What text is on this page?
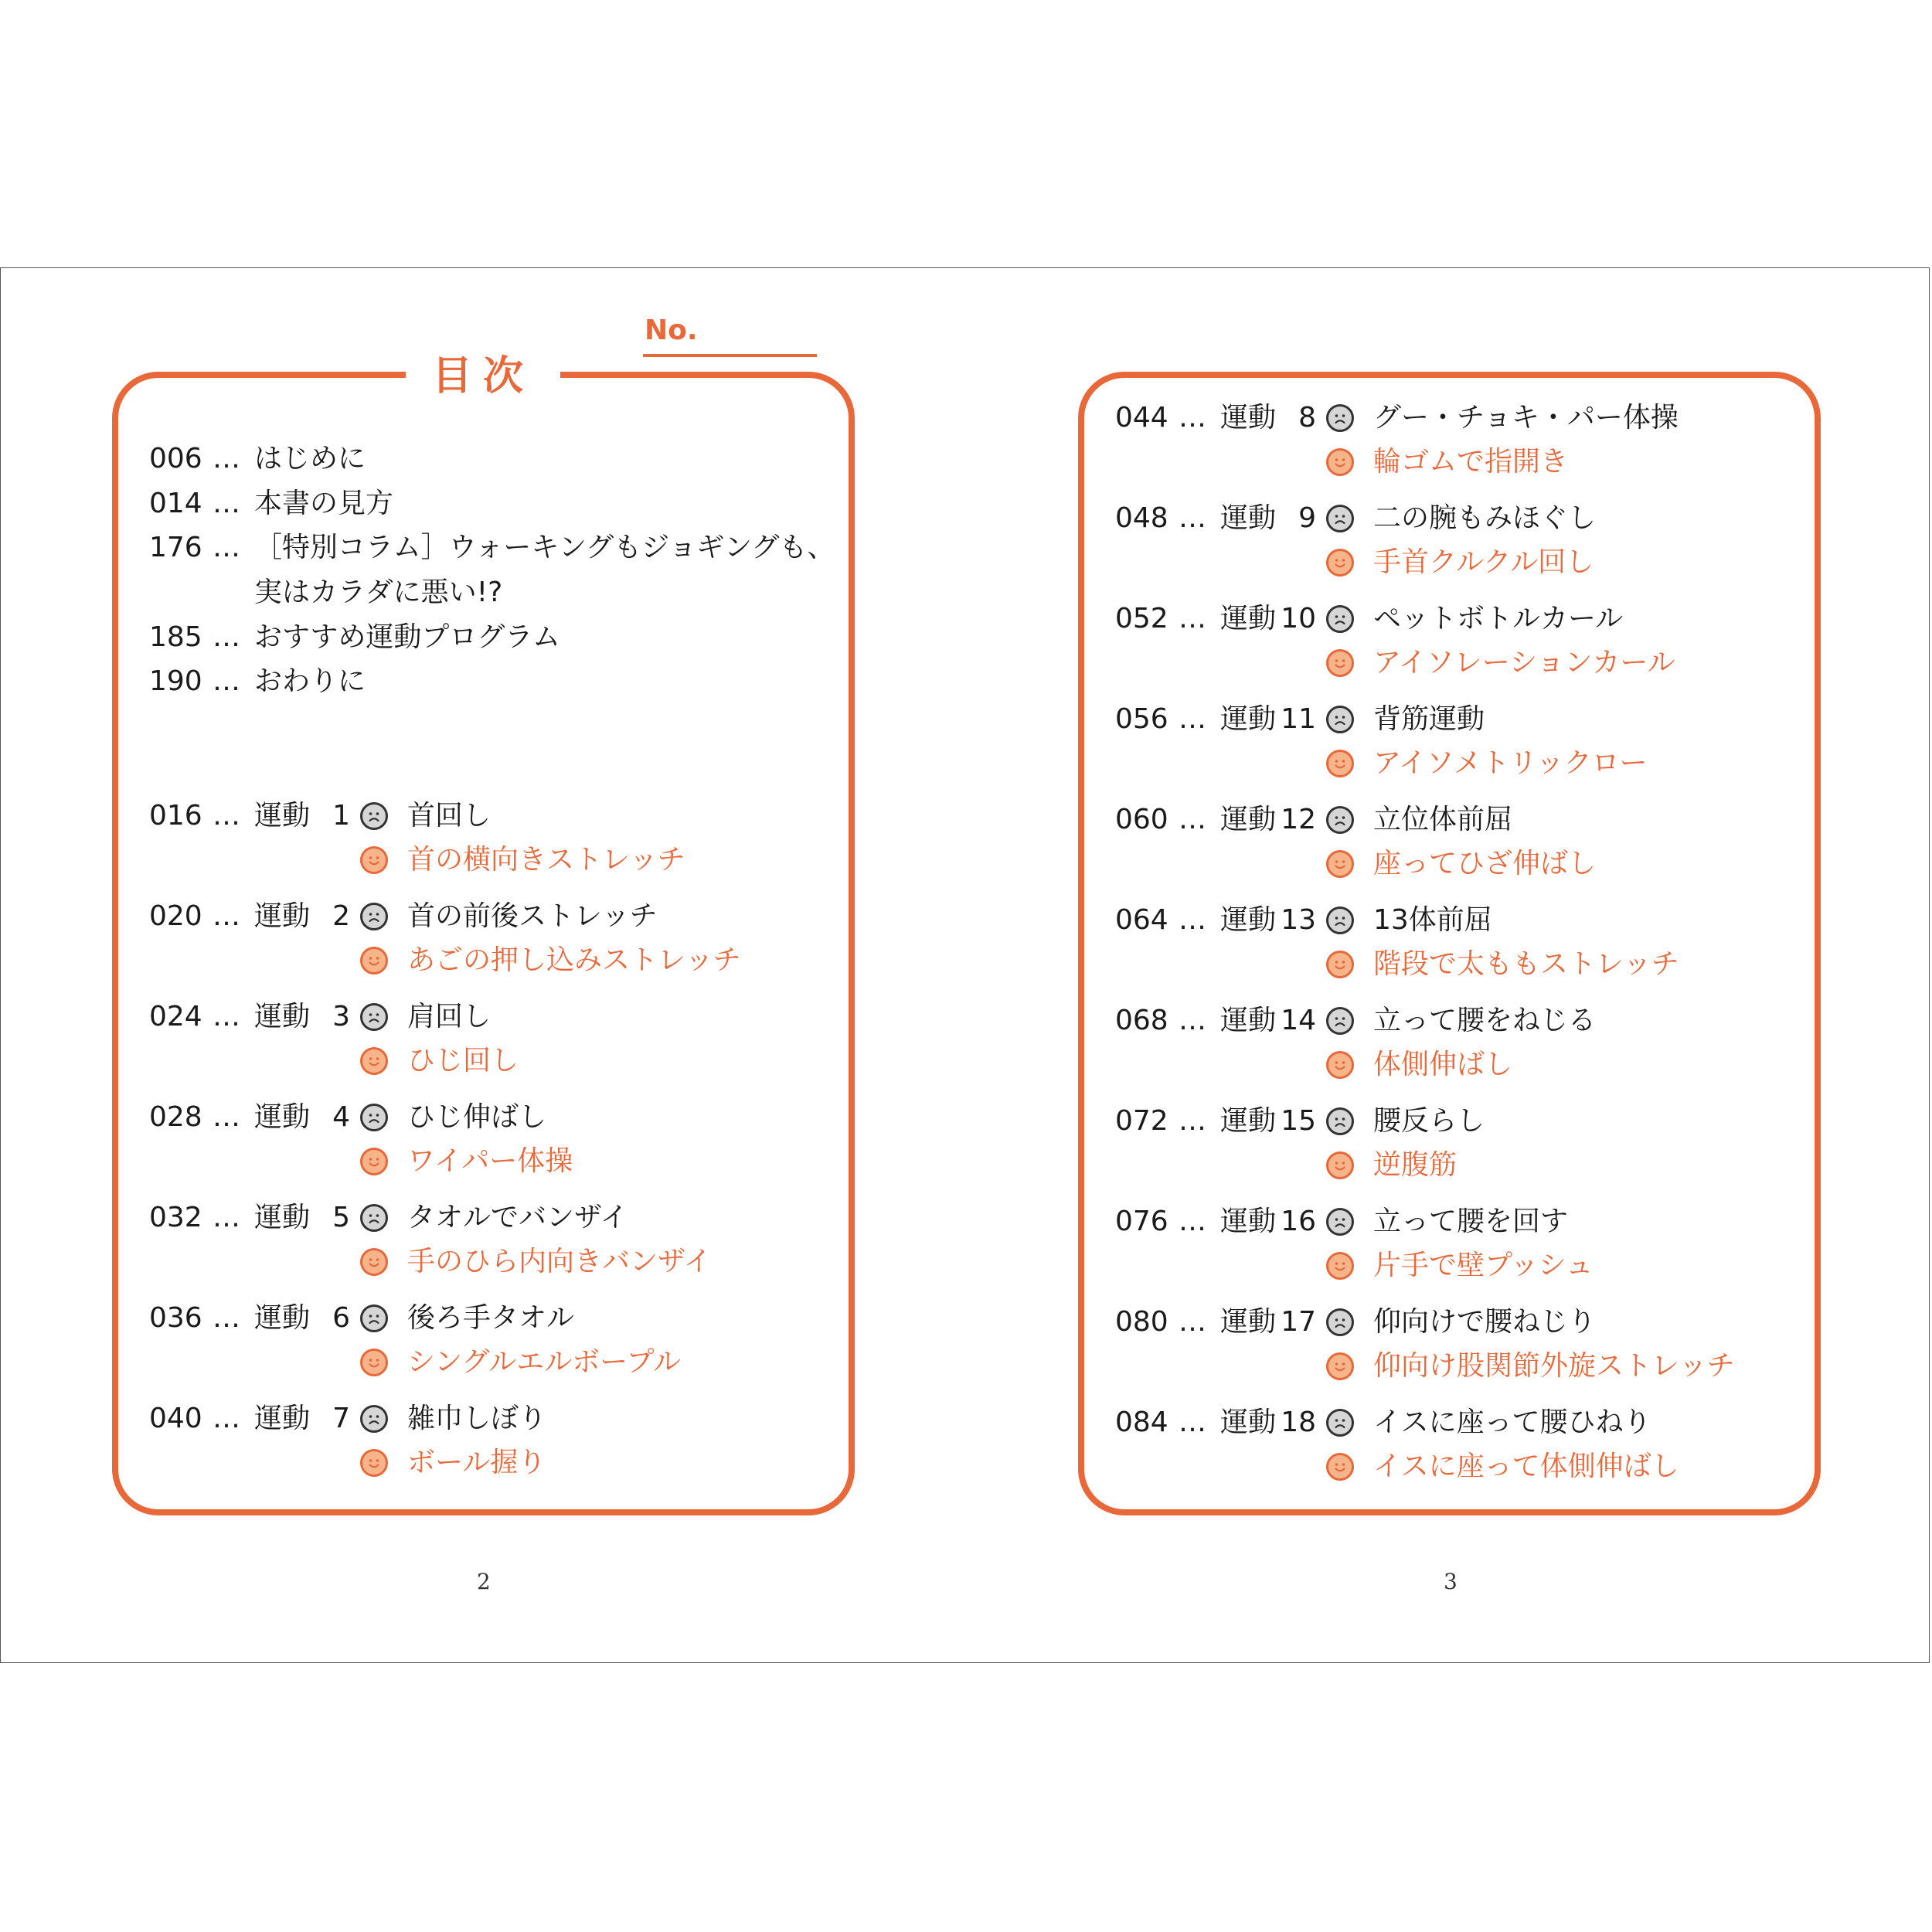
目次
No.
006 … はじめに
014 … 本書の見方
176 … ［特別コラム］ウォーキングもジョギングも、
実はカラダに悪い!?
185 … おすすめ運動プログラム
190 … おわりに
016 … 運動 1 首回し
首の横向きストレッチ
020 … 運動 2 首の前後ストレッチ
あごの押し込みストレッチ
024 … 運動 3 肩回し
ひじ回し
028 … 運動 4 ひじ伸ばし
ワイパー体操
032 … 運動 5 タオルでバンザイ
手のひら内向きバンザイ
036 … 運動 6 後ろ手タオル
シングルエルボープル
040 … 運動 7 雑巾しぼり
ボール握り
044 … 運動 8 グー・チョキ・パー体操
輪ゴムで指開き
048 … 運動 9 二の腕もみほぐし
手首クルクル回し
052 … 運動 10 ペットボトルカール
アイソレーションカール
056 … 運動 11 背筋運動
アイソメトリックロー
060 … 運動 12 立位体前屈
座ってひざ伸ばし
064 … 運動 13 13体前屈
階段で太ももストレッチ
068 … 運動 14 立って腰をねじる
体側伸ばし
072 … 運動 15 腰反らし
逆腹筋
076 … 運動 16 立って腰を回す
片手で壁プッシュ
080 … 運動 17 仰向けで腰ねじり
仰向け股関節外旋ストレッチ
084 … 運動 18 イスに座って腰ひねり
イスに座って体側伸ばし
2	3
